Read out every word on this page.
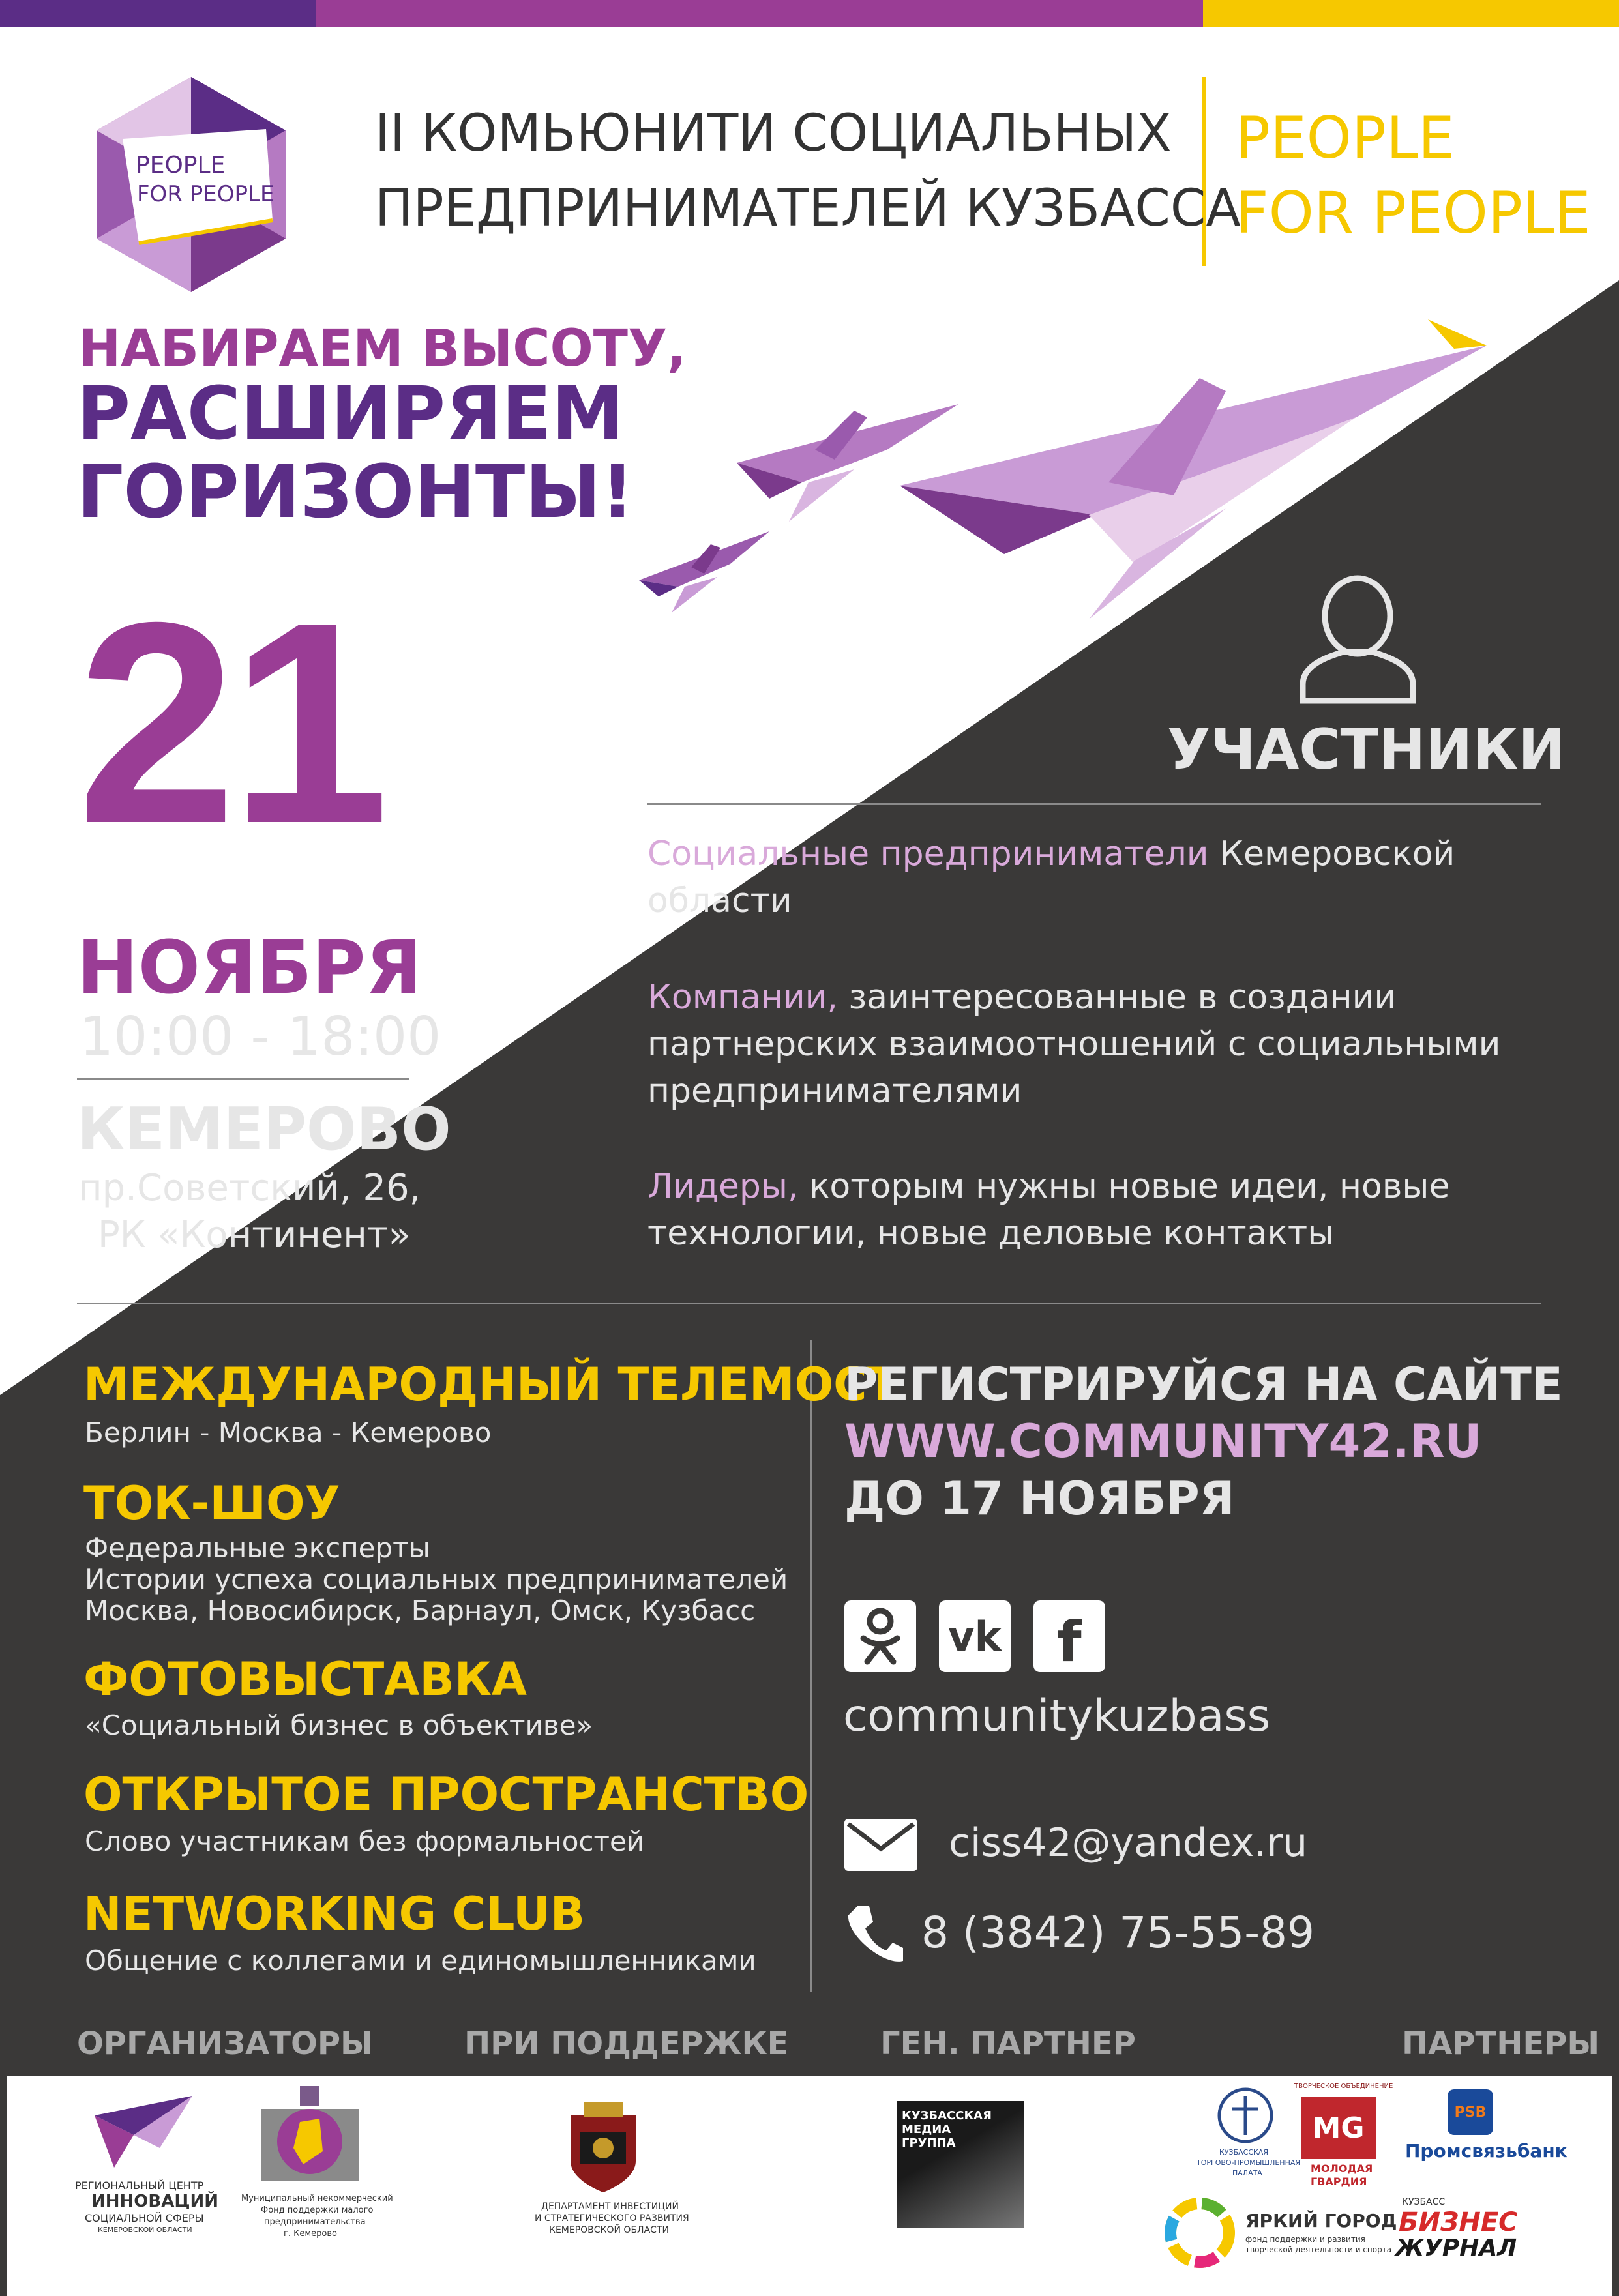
PEOPLE
FOR PEOPLE
II КОМЬЮНИТИ СОЦИАЛЬНЫХ
ПРЕДПРИНИМАТЕЛЕЙ КУЗБАССА
PEOPLE
FOR PEOPLE
НАБИРАЕМ ВЫСОТУ,
РАСШИРЯЕМ
ГОРИЗОНТЫ!
21
НОЯБРЯ
10:00 - 18:00
КЕМЕРОВО
пр.Советский, 26,
РК «Континент»
УЧАСТНИКИ
Социальные предприниматели Кемеровской
области
Компании, заинтересованные в создании
партнерских взаимоотношений с социальными
предпринимателями
Лидеры, которым нужны новые идеи, новые
технологии, новые деловые контакты
МЕЖДУНАРОДНЫЙ ТЕЛЕМОСТ
Берлин - Москва - Кемерово
ТОК-ШОУ
Федеральные эксперты
Истории успеха социальных предпринимателей
Москва, Новосибирск, Барнаул, Омск, Кузбасс
ФОТОВЫСТАВКА
«Социальный бизнес в объективе»
ОТКРЫТОЕ ПРОСТРАНСТВО
Слово участникам без формальностей
NETWORKING CLUB
Общение с коллегами и единомышленниками
РЕГИСТРИРУЙСЯ НА САЙТЕ
WWW.COMMUNITY42.RU
ДО 17 НОЯБРЯ
vk f
communitykuzbass
ciss42@yandex.ru
8 (3842) 75-55-89
ОРГАНИЗАТОРЫ	ПРИ ПОДДЕРЖКЕ	ГЕН. ПАРТНЕР	ПАРТНЕРЫ
РЕГИОНАЛЬНЫЙ ЦЕНТР
ИННОВАЦИЙ
СОЦИАЛЬНОЙ СФЕРЫ
КЕМЕРОВСКОЙ ОБЛАСТИ
Муниципальный некоммерческий
Фонд поддержки малого
предпринимательства
г. Кемерово
ДЕПАРТАМЕНТ ИНВЕСТИЦИЙ
И СТРАТЕГИЧЕСКОГО РАЗВИТИЯ
КЕМЕРОВСКОЙ ОБЛАСТИ
КУЗБАССКАЯ
МЕДИА
ГРУППА
КУЗБАССКАЯ
ТОРГОВО-ПРОМЫШЛЕННАЯ
ПАЛАТА
ТВОРЧЕСКОЕ ОБЪЕДИНЕНИЕ
MG
МОЛОДАЯ
ГВАРДИЯ
PSB
Промсвязьбанк
ЯРКИЙ ГОРОД
фонд поддержки и развития
творческой деятельности и спорта
КУЗБАСС
БИЗНЕС
ЖУРНАЛ
